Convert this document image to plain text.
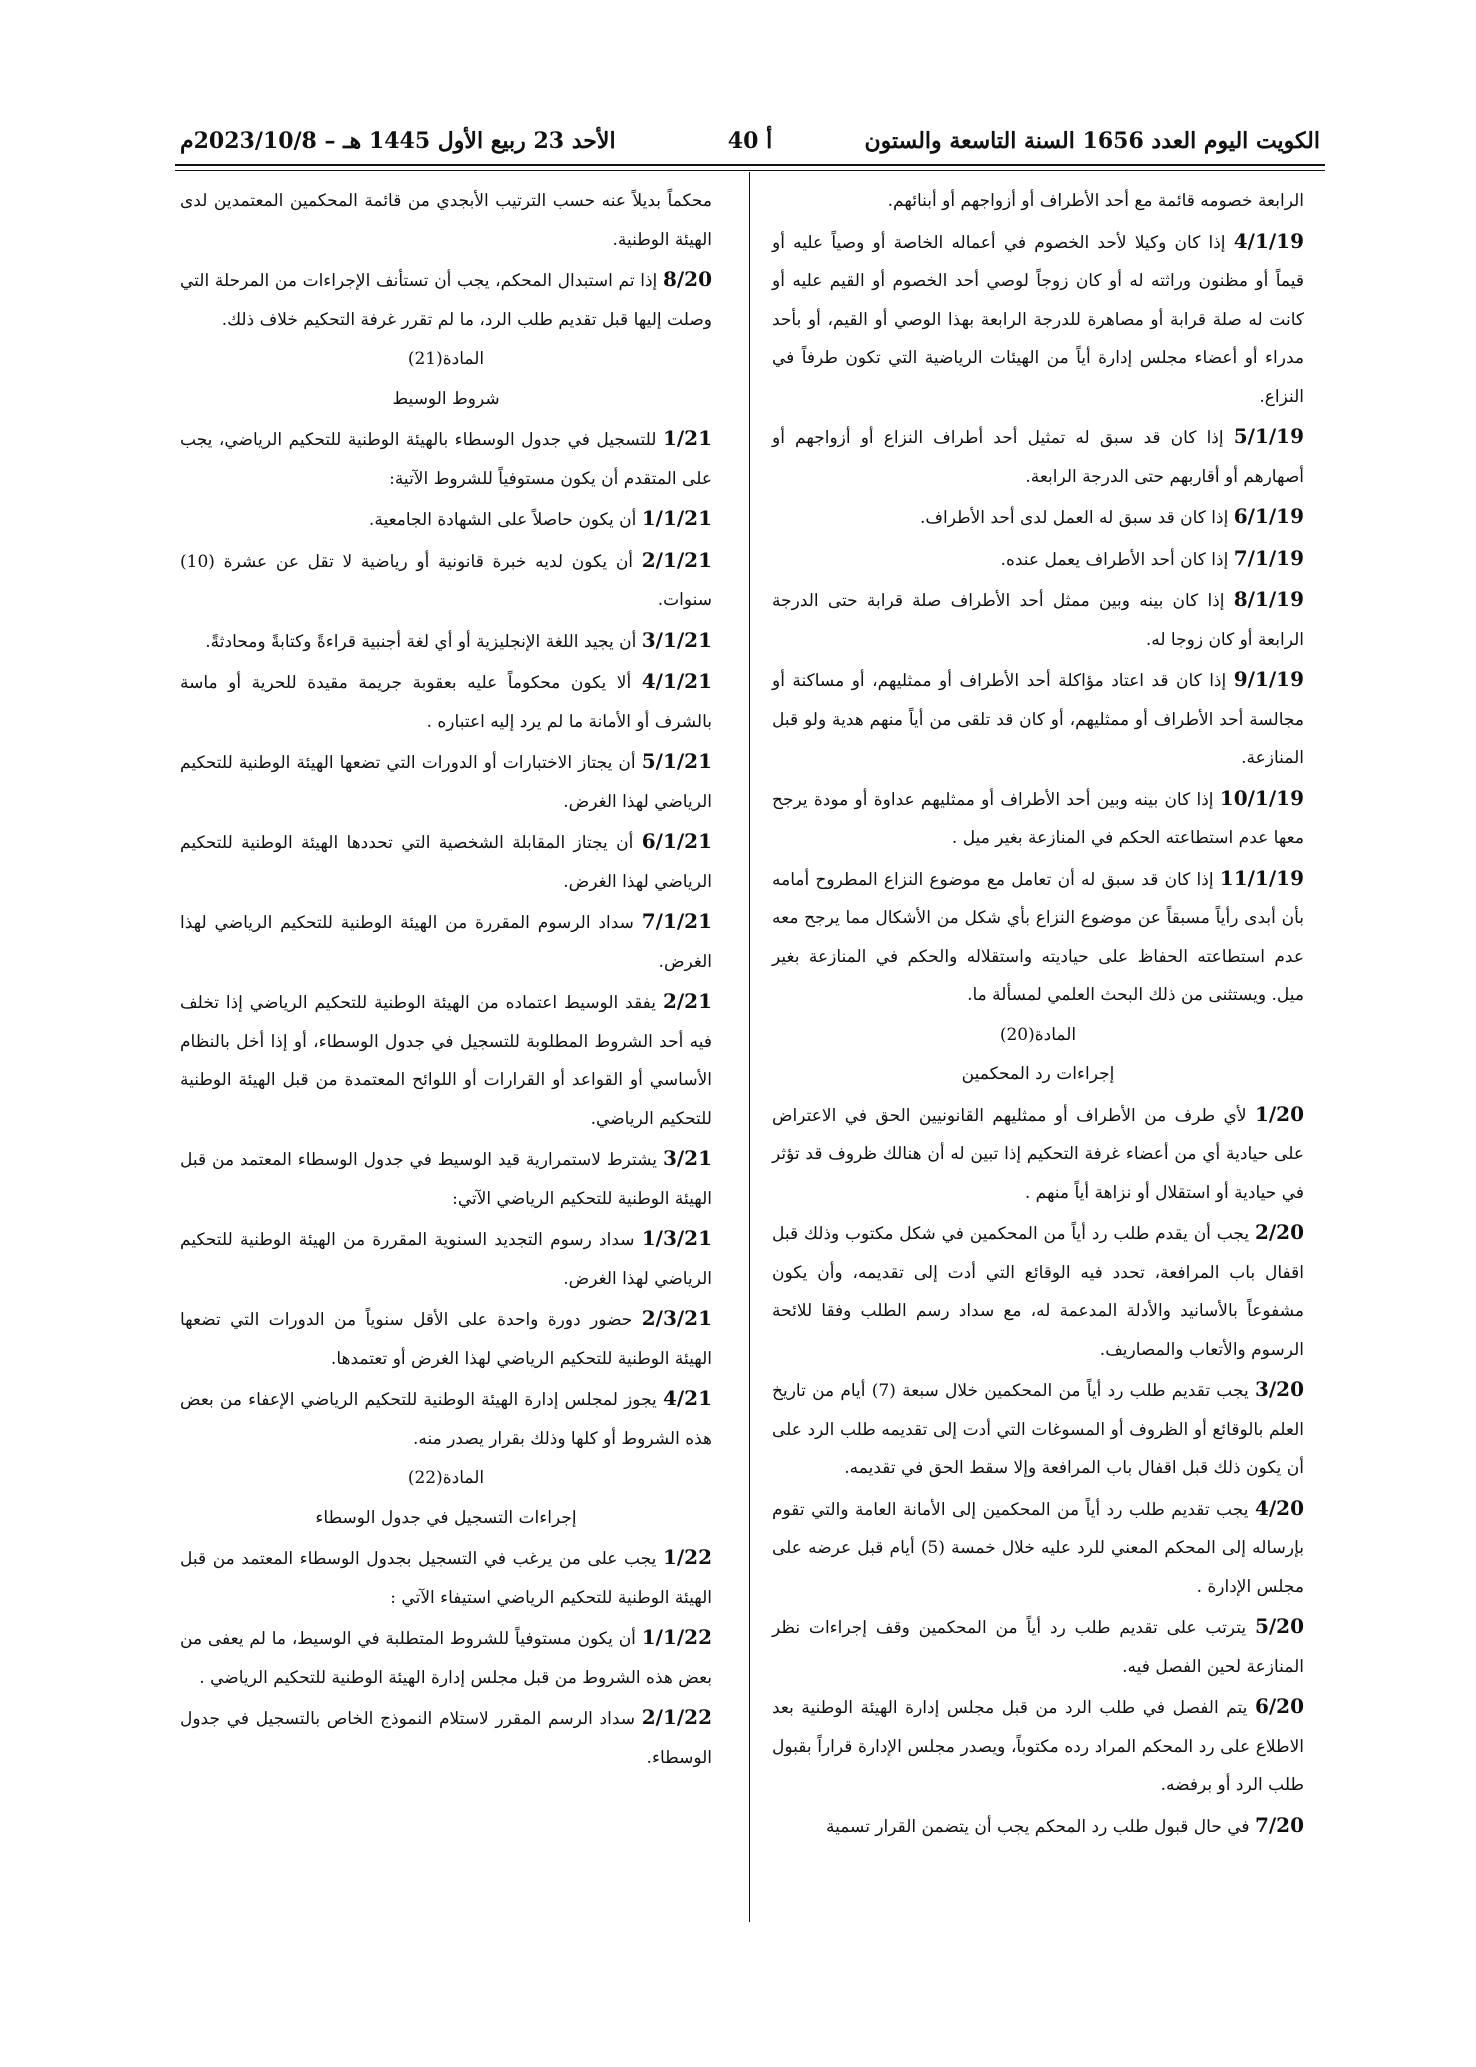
الكويت اليوم العدد 1656 السنة التاسعة والستون
أ 40
الأحد 23 ربيع الأول 1445 هـ – 2023/10/8م

الرابعة خصومه قائمة مع أحد الأطراف أو أزواجهم أو أبنائهم.

4/1/19 إذا كان وكيلا لأحد الخصوم في أعماله الخاصة أو وصياً عليه أو قيماً أو مظنون وراثته له أو كان زوجاً لوصي أحد الخصوم أو القيم عليه أو كانت له صلة قرابة أو مصاهرة للدرجة الرابعة بهذا الوصي أو القيم، أو بأحد مدراء أو أعضاء مجلس إدارة أياً من الهيئات الرياضية التي تكون طرفاً في النزاع.

5/1/19 إذا كان قد سبق له تمثيل أحد أطراف النزاع أو أزواجهم أو أصهارهم أو أقاربهم حتى الدرجة الرابعة.

6/1/19 إذا كان قد سبق له العمل لدى أحد الأطراف.

7/1/19 إذا كان أحد الأطراف يعمل عنده.

8/1/19 إذا كان بينه وبين ممثل أحد الأطراف صلة قرابة حتى الدرجة الرابعة أو كان زوجا له.

9/1/19 إذا كان قد اعتاد مؤاكلة أحد الأطراف أو ممثليهم، أو مساكنة أو مجالسة أحد الأطراف أو ممثليهم، أو كان قد تلقى من أياً منهم هدية ولو قبل المنازعة.

10/1/19 إذا كان بينه وبين أحد الأطراف أو ممثليهم عداوة أو مودة يرجح معها عدم استطاعته الحكم في المنازعة بغير ميل .

11/1/19 إذا كان قد سبق له أن تعامل مع موضوع النزاع المطروح أمامه بأن أبدى رأياً مسبقاً عن موضوع النزاع بأي شكل من الأشكال مما يرجح معه عدم استطاعته الحفاظ على حياديته واستقلاله والحكم في المنازعة بغير ميل. ويستثنى من ذلك البحث العلمي لمسألة ما.

المادة(20)

إجراءات رد المحكمين

1/20 لأي طرف من الأطراف أو ممثليهم القانونيين الحق في الاعتراض على حيادية أي من أعضاء غرفة التحكيم إذا تبين له أن هنالك ظروف قد تؤثر في حيادية أو استقلال أو نزاهة أياً منهم .

2/20 يجب أن يقدم طلب رد أياً من المحكمين في شكل مكتوب وذلك قبل اقفال باب المرافعة، تحدد فيه الوقائع التي أدت إلى تقديمه، وأن يكون مشفوعاً بالأسانيد والأدلة المدعمة له، مع سداد رسم الطلب وفقا للائحة الرسوم والأتعاب والمصاريف.

3/20 يجب تقديم طلب رد أياً من المحكمين خلال سبعة (7) أيام من تاريخ العلم بالوقائع أو الظروف أو المسوغات التي أدت إلى تقديمه طلب الرد على أن يكون ذلك قبل اقفال باب المرافعة وإلا سقط الحق في تقديمه.

4/20 يجب تقديم طلب رد أياً من المحكمين إلى الأمانة العامة والتي تقوم بإرساله إلى المحكم المعني للرد عليه خلال خمسة (5) أيام قبل عرضه على مجلس الإدارة .

5/20 يترتب على تقديم طلب رد أياً من المحكمين وقف إجراءات نظر المنازعة لحين الفصل فيه.

6/20 يتم الفصل في طلب الرد من قبل مجلس إدارة الهيئة الوطنية بعد الاطلاع على رد المحكم المراد رده مكتوباً، ويصدر مجلس الإدارة قراراً بقبول طلب الرد أو برفضه.

7/20 في حال قبول طلب رد المحكم يجب أن يتضمن القرار تسمية

محكماً بديلاً عنه حسب الترتيب الأبجدي من قائمة المحكمين المعتمدين لدى الهيئة الوطنية.

8/20 إذا تم استبدال المحكم، يجب أن تستأنف الإجراءات من المرحلة التي وصلت إليها قبل تقديم طلب الرد، ما لم تقرر غرفة التحكيم خلاف ذلك.

المادة(21)

شروط الوسيط

1/21 للتسجيل في جدول الوسطاء بالهيئة الوطنية للتحكيم الرياضي، يجب على المتقدم أن يكون مستوفياً للشروط الآتية:

1/1/21 أن يكون حاصلاً على الشهادة الجامعية.

2/1/21 أن يكون لديه خبرة قانونية أو رياضية لا تقل عن عشرة (10) سنوات.

3/1/21 أن يجيد اللغة الإنجليزية أو أي لغة أجنبية قراءةً وكتابةً ومحادثةً.

4/1/21 ألا يكون محكوماً عليه بعقوبة جريمة مقيدة للحرية أو ماسة بالشرف أو الأمانة ما لم يرد إليه اعتباره .

5/1/21 أن يجتاز الاختبارات أو الدورات التي تضعها الهيئة الوطنية للتحكيم الرياضي لهذا الغرض.

6/1/21 أن يجتاز المقابلة الشخصية التي تحددها الهيئة الوطنية للتحكيم الرياضي لهذا الغرض.

7/1/21 سداد الرسوم المقررة من الهيئة الوطنية للتحكيم الرياضي لهذا الغرض.

2/21 يفقد الوسيط اعتماده من الهيئة الوطنية للتحكيم الرياضي إذا تخلف فيه أحد الشروط المطلوبة للتسجيل في جدول الوسطاء، أو إذا أخل بالنظام الأساسي أو القواعد أو القرارات أو اللوائح المعتمدة من قبل الهيئة الوطنية للتحكيم الرياضي.

3/21 يشترط لاستمرارية قيد الوسيط في جدول الوسطاء المعتمد من قبل الهيئة الوطنية للتحكيم الرياضي الآتي:

1/3/21 سداد رسوم التجديد السنوية المقررة من الهيئة الوطنية للتحكيم الرياضي لهذا الغرض.

2/3/21 حضور دورة واحدة على الأقل سنوياً من الدورات التي تضعها الهيئة الوطنية للتحكيم الرياضي لهذا الغرض أو تعتمدها.

4/21 يجوز لمجلس إدارة الهيئة الوطنية للتحكيم الرياضي الإعفاء من بعض هذه الشروط أو كلها وذلك بقرار يصدر منه.

المادة(22)

إجراءات التسجيل في جدول الوسطاء

1/22 يجب على من يرغب في التسجيل بجدول الوسطاء المعتمد من قبل الهيئة الوطنية للتحكيم الرياضي استيفاء الآتي :

1/1/22 أن يكون مستوفياً للشروط المتطلبة في الوسيط، ما لم يعفى من بعض هذه الشروط من قبل مجلس إدارة الهيئة الوطنية للتحكيم الرياضي .

2/1/22 سداد الرسم المقرر لاستلام النموذج الخاص بالتسجيل في جدول الوسطاء.
